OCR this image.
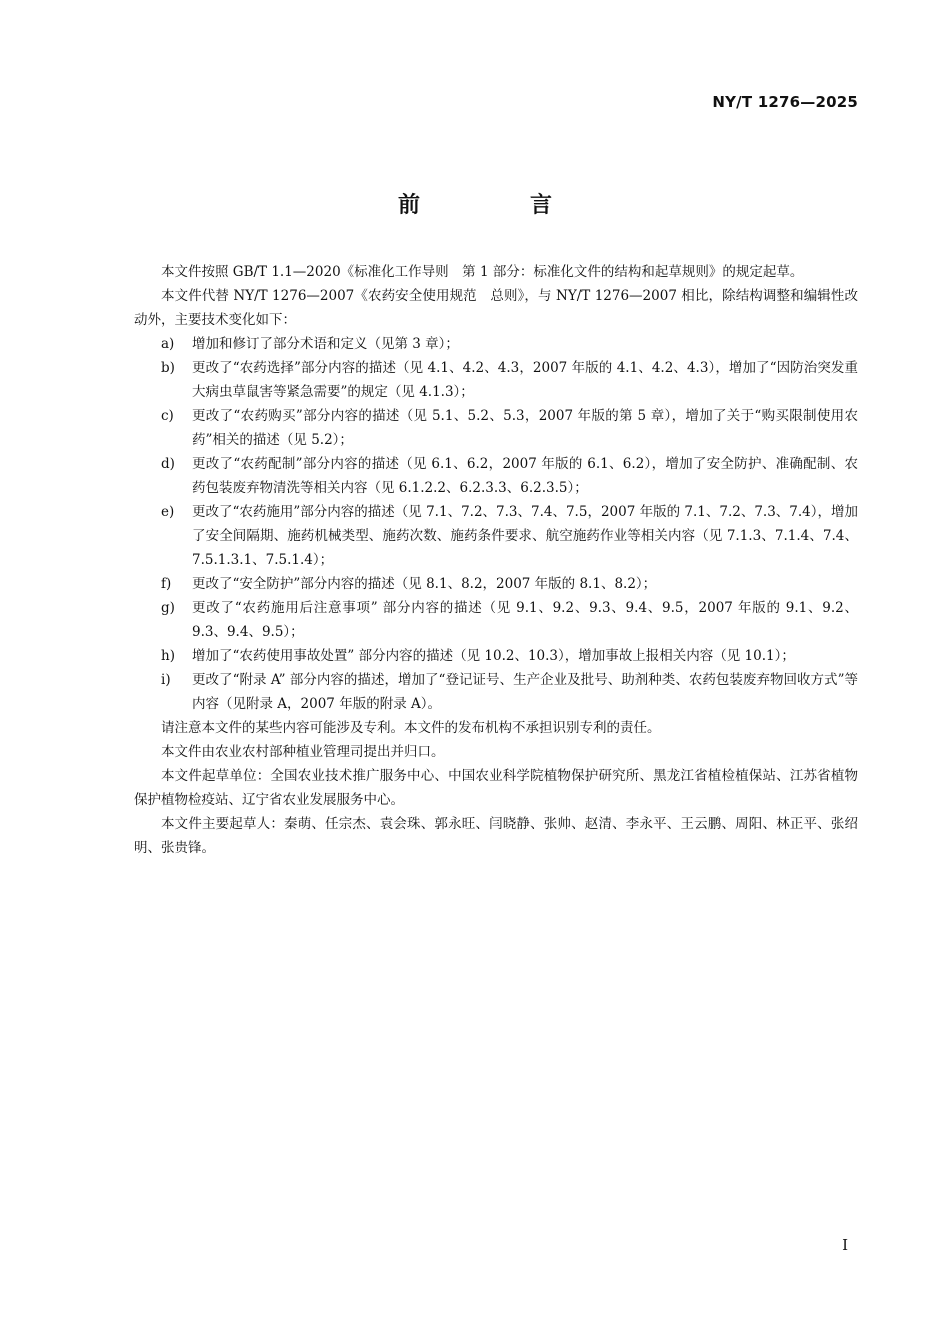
NY/T 1276—2025
前　言

本文件按照 GB/T 1.1—2020《标准化工作导则　第 1 部分：标准化文件的结构和起草规则》的规定起草。

本文件代替 NY/T 1276—2007《农药安全使用规范　总则》，与 NY/T 1276—2007 相比，除结构调整和编辑性改动外，主要技术变化如下：

a) 增加和修订了部分术语和定义（见第 3 章）；

b) 更改了“农药选择”部分内容的描述（见 4.1、4.2、4.3，2007 年版的 4.1、4.2、4.3），增加了“因防治突发重大病虫草鼠害等紧急需要”的规定（见 4.1.3）；

c) 更改了“农药购买”部分内容的描述（见 5.1、5.2、5.3，2007 年版的第 5 章），增加了关于“购买限制使用农药”相关的描述（见 5.2）；

d) 更改了“农药配制”部分内容的描述（见 6.1、6.2，2007 年版的 6.1、6.2），增加了安全防护、准确配制、农药包装废弃物清洗等相关内容（见 6.1.2.2、6.2.3.3、6.2.3.5）；

e) 更改了“农药施用”部分内容的描述（见 7.1、7.2、7.3、7.4、7.5，2007 年版的 7.1、7.2、7.3、7.4），增加了安全间隔期、施药机械类型、施药次数、施药条件要求、航空施药作业等相关内容（见 7.1.3、7.1.4、7.4、7.5.1.3.1、7.5.1.4）；

f) 更改了“安全防护”部分内容的描述（见 8.1、8.2，2007 年版的 8.1、8.2）；

g) 更改了“农药施用后注意事项” 部分内容的描述（见 9.1、9.2、9.3、9.4、9.5，2007 年版的 9.1、9.2、9.3、9.4、9.5）；

h) 增加了“农药使用事故处置” 部分内容的描述（见 10.2、10.3），增加事故上报相关内容（见 10.1）；

i) 更改了“附录 A” 部分内容的描述，增加了“登记证号、生产企业及批号、助剂种类、农药包装废弃物回收方式”等内容（见附录 A，2007 年版的附录 A）。

请注意本文件的某些内容可能涉及专利。本文件的发布机构不承担识别专利的责任。

本文件由农业农村部种植业管理司提出并归口。

本文件起草单位：全国农业技术推广服务中心、中国农业科学院植物保护研究所、黑龙江省植检植保站、江苏省植物保护植物检疫站、辽宁省农业发展服务中心。

本文件主要起草人：秦萌、任宗杰、袁会珠、郭永旺、闫晓静、张帅、赵清、李永平、王云鹏、周阳、林正平、张绍明、张贵锋。

I
